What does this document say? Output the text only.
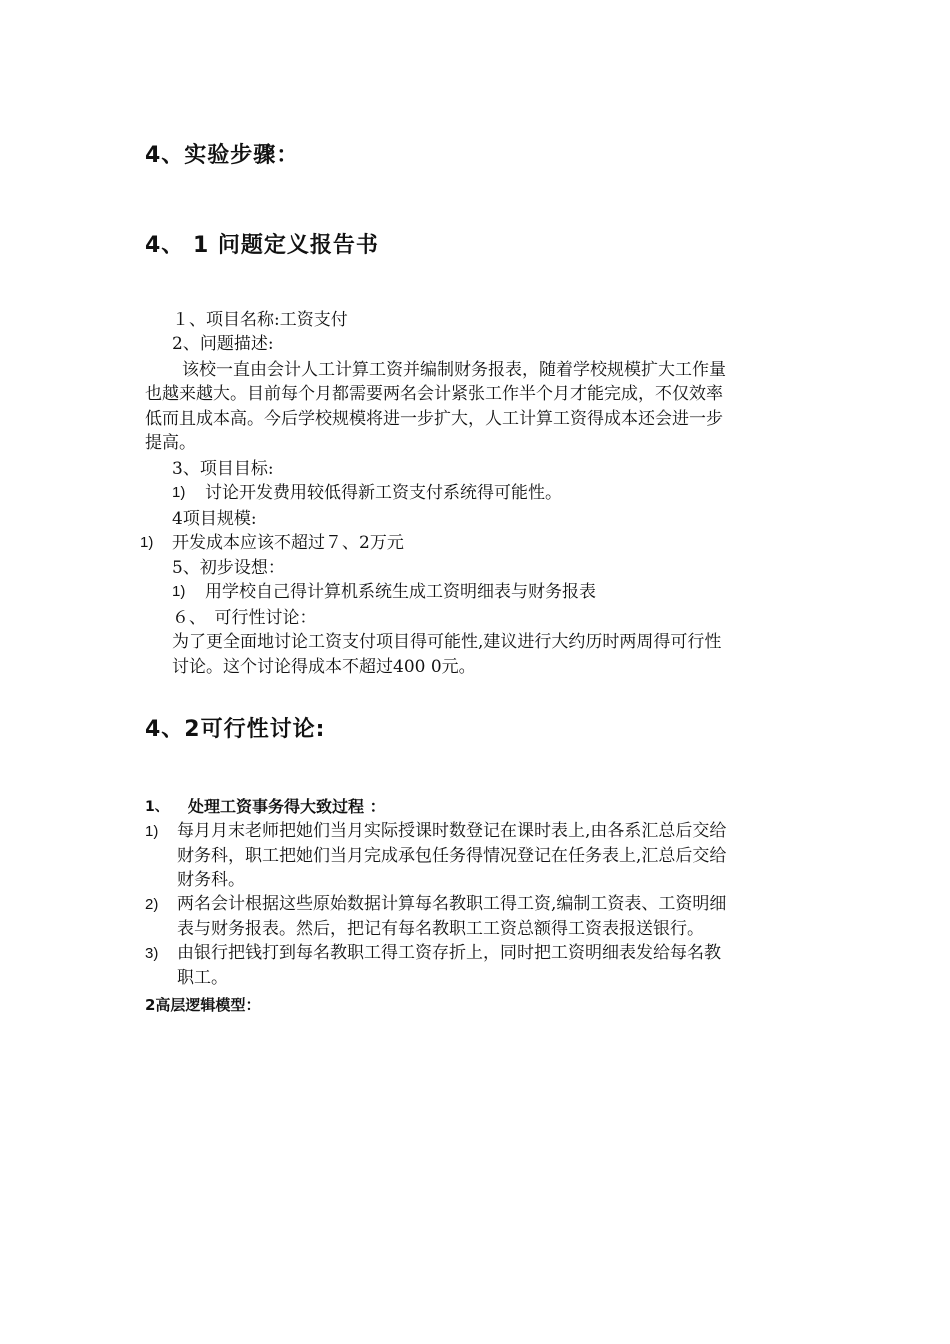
4、实验步骤：
4、 1 问题定义报告书
１、项目名称:工资支付
2、问题描述:
该校一直由会计人工计算工资并编制财务报表，随着学校规模扩大工作量
也越来越大。目前每个月都需要两名会计紧张工作半个月才能完成，不仅效率
低而且成本高。今后学校规模将进一步扩大，人工计算工资得成本还会进一步
提高。
3、项目目标:
1) 讨论开发费用较低得新工资支付系统得可能性。
4项目规模:
1) 开发成本应该不超过７、2万元
5、初步设想：
1) 用学校自己得计算机系统生成工资明细表与财务报表
６、　可行性讨论：
为了更全面地讨论工资支付项目得可能性,建议进行大约历时两周得可行性
讨论。这个讨论得成本不超过400 0元。
4、2可行性讨论:
1、 处理工资事务得大致过程 ：
1) 每月月末老师把她们当月实际授课时数登记在课时表上,由各系汇总后交给
财务科，职工把她们当月完成承包任务得情况登记在任务表上,汇总后交给
财务科。
2) 两名会计根据这些原始数据计算每名教职工得工资,编制工资表、工资明细
表与财务报表。然后，把记有每名教职工工资总额得工资表报送银行。
3) 由银行把钱打到每名教职工得工资存折上，同时把工资明细表发给每名教
职工。
2高层逻辑模型：
